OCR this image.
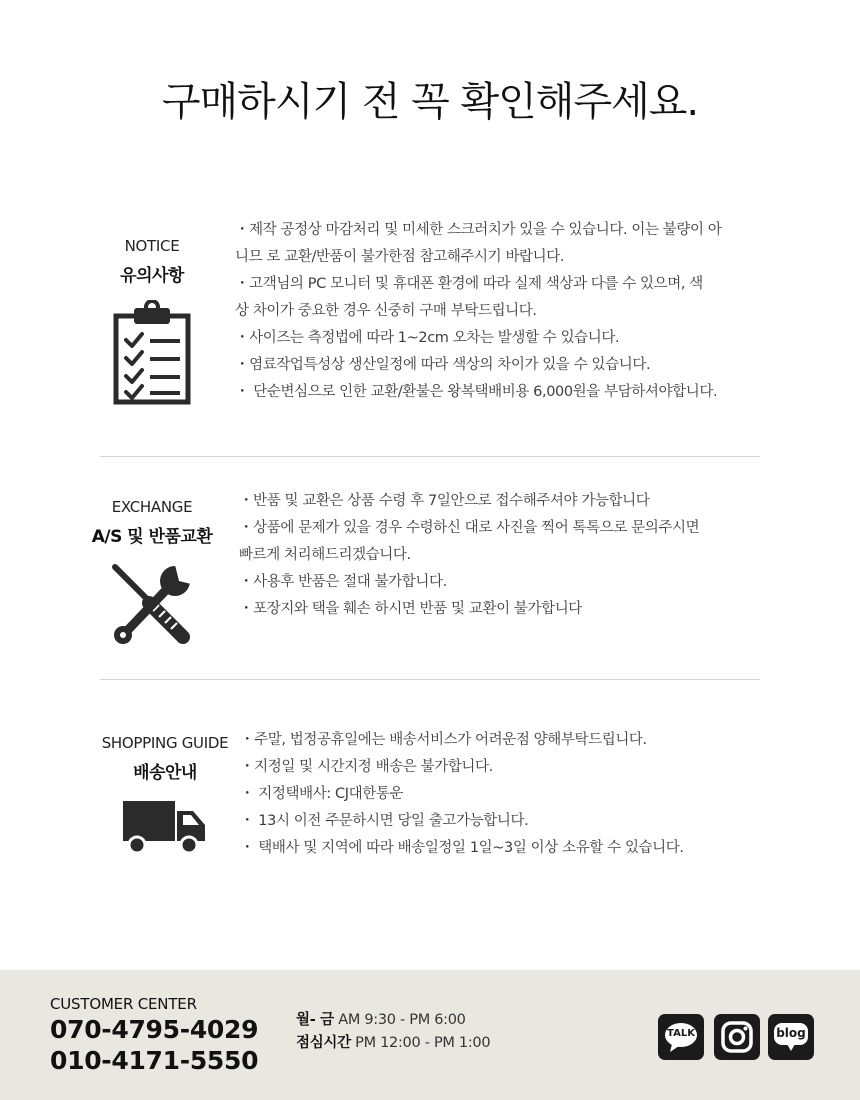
구매하시기 전 꼭 확인해주세요.
NOTICE
유의사항
・제작 공정상 마감처리 및 미세한 스크러치가 있을 수 있습니다. 이는 불량이 아
니므 로 교환/반품이 불가한점 참고해주시기 바랍니다.
・고객님의 PC 모니터 및 휴대폰 환경에 따라 실제 색상과 다를 수 있으며, 색
상 차이가 중요한 경우 신중히 구매 부탁드립니다.
・사이즈는 측정법에 따라 1~2cm 오차는 발생할 수 있습니다.
・염료작업특성상 생산일정에 따라 색상의 차이가 있을 수 있습니다.
・ 단순변심으로 인한 교환/환불은 왕복택배비용 6,000원을 부담하셔야합니다.
EXCHANGE
A/S 및 반품교환
・반품 및 교환은 상품 수령 후 7일안으로 접수해주셔야 가능합니다
・상품에 문제가 있을 경우 수령하신 대로 사진을 찍어 톡톡으로 문의주시면
빠르게 처리해드리겠습니다.
・사용후 반품은 절대 불가합니다.
・포장지와 택을 훼손 하시면 반품 및 교환이 불가합니다
SHOPPING GUIDE
배송안내
・주말, 법정공휴일에는 배송서비스가 어려운점 양해부탁드립니다.
・지정일 및 시간지정 배송은 불가합니다.
・ 지정택배사: CJ대한통운
・ 13시 이전 주문하시면 당일 출고가능합니다.
・ 택배사 및 지역에 따라 배송일정일 1일~3일 이상 소유할 수 있습니다.
CUSTOMER CENTER
070-4795-4029
010-4171-5550
월- 금 AM 9:30 - PM 6:00
점심시간 PM 12:00 - PM 1:00
TALK	blog
